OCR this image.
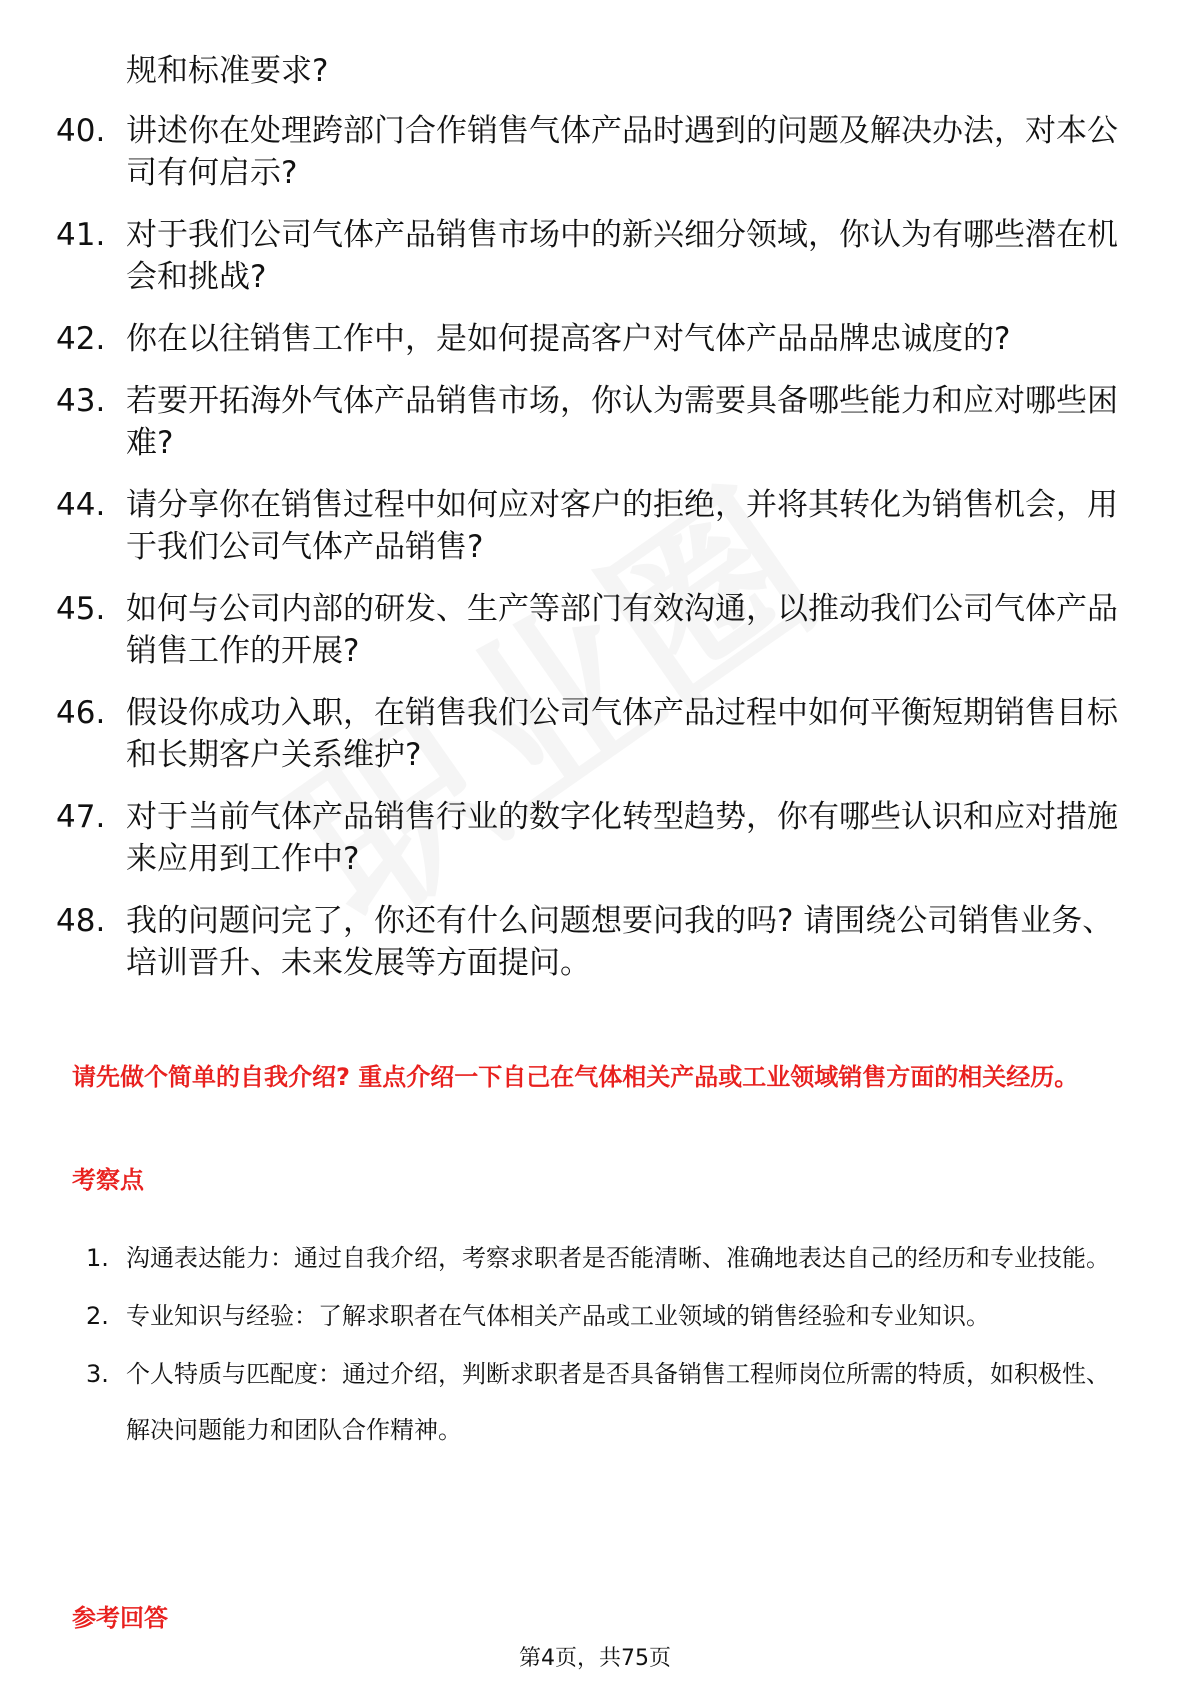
规和标准要求?
40. 讲述你在处理跨部门合作销售气体产品时遇到的问题及解决办法，对本公司有何启示?
41. 对于我们公司气体产品销售市场中的新兴细分领域，你认为有哪些潜在机会和挑战?
42. 你在以往销售工作中，是如何提高客户对气体产品品牌忠诚度的?
43. 若要开拓海外气体产品销售市场，你认为需要具备哪些能力和应对哪些困难?
44. 请分享你在销售过程中如何应对客户的拒绝，并将其转化为销售机会，用于我们公司气体产品销售?
45. 如何与公司内部的研发、生产等部门有效沟通，以推动我们公司气体产品销售工作的开展?
46. 假设你成功入职，在销售我们公司气体产品过程中如何平衡短期销售目标和长期客户关系维护?
47. 对于当前气体产品销售行业的数字化转型趋势，你有哪些认识和应对措施来应用到工作中?
48. 我的问题问完了，你还有什么问题想要问我的吗? 请围绕公司销售业务、培训晋升、未来发展等方面提问。
请先做个简单的自我介绍? 重点介绍一下自己在气体相关产品或工业领域销售方面的相关经历。
考察点
1. 沟通表达能力：通过自我介绍，考察求职者是否能清晰、准确地表达自己的经历和专业技能。
2. 专业知识与经验：了解求职者在气体相关产品或工业领域的销售经验和专业知识。
3. 个人特质与匹配度：通过介绍，判断求职者是否具备销售工程师岗位所需的特质，如积极性、解决问题能力和团队合作精神。
参考回答
第4页，共75页
